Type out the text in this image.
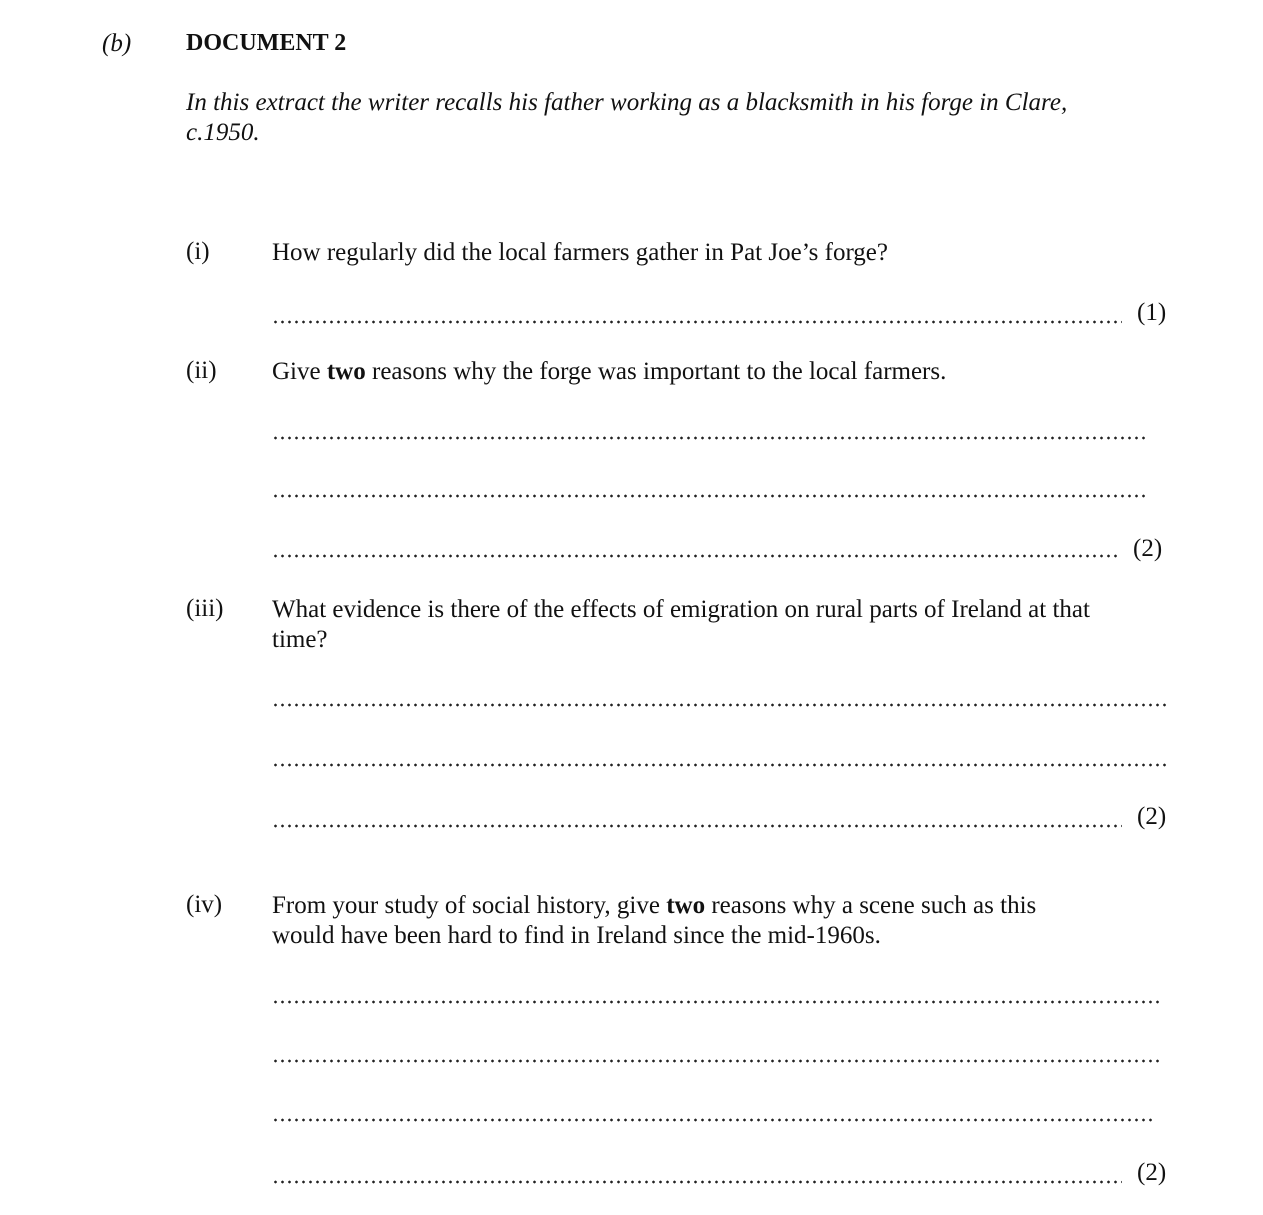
(b) DOCUMENT 2
In this extract the writer recalls his father working as a blacksmith in his forge in Clare, c.1950.
(i) How regularly did the local farmers gather in Pat Joe’s forge?
(1)
(ii) Give two reasons why the forge was important to the local farmers.
(2)
(iii) What evidence is there of the effects of emigration on rural parts of Ireland at that time?
(2)
(iv) From your study of social history, give two reasons why a scene such as this would have been hard to find in Ireland since the mid-1960s.
(2)
